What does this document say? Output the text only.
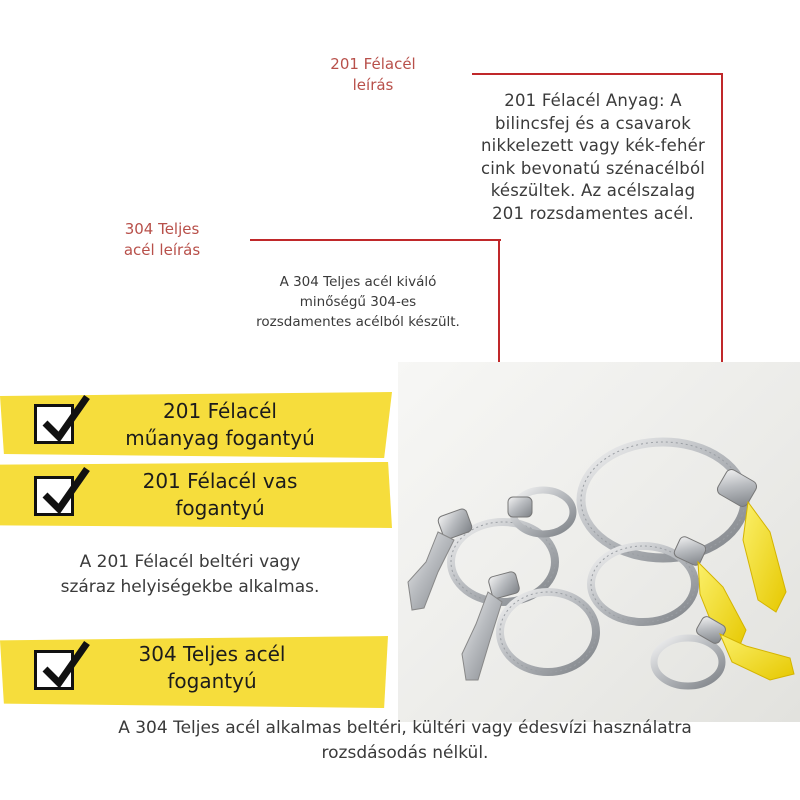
201 Félacél
leírás
201 Félacél Anyag: A
bilincsfej és a csavarok
nikkelezett vagy kék-fehér
cink bevonatú szénacélból
készültek. Az acélszalag
201 rozsdamentes acél.
304 Teljes
acél leírás
A 304 Teljes acél kiváló
minőségű 304-es
rozsdamentes acélból készült.
201 Félacél
műanyag fogantyú
201 Félacél vas
fogantyú
A 201 Félacél beltéri vagy
száraz helyiségekbe alkalmas.
304 Teljes acél
fogantyú
A 304 Teljes acél alkalmas beltéri, kültéri vagy édesvízi használatra
rozsdásodás nélkül.
